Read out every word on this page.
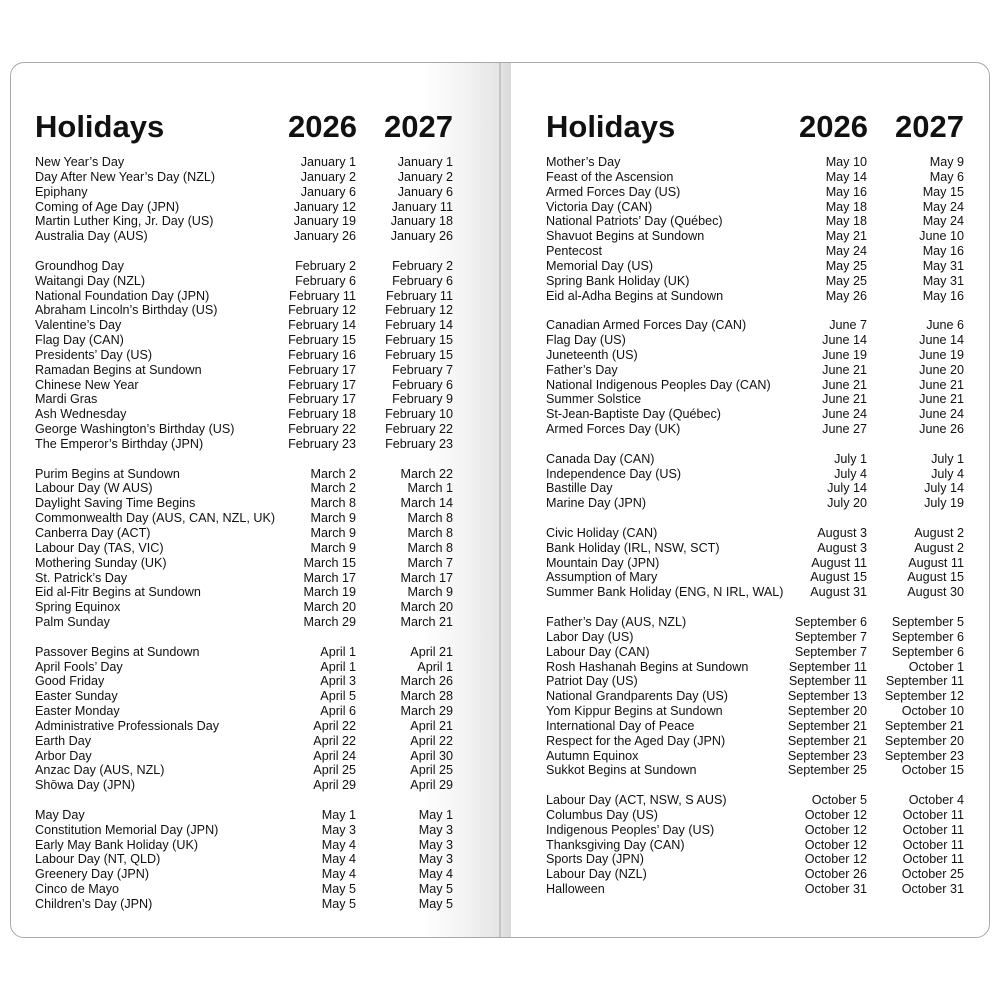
Holidays	2026 2027
New Year’s Day	January 1	January 1
Day After New Year’s Day (NZL)	January 2	January 2
Epiphany	January 6	January 6
Coming of Age Day (JPN)	January 12	January 11
Martin Luther King, Jr. Day (US)	January 19	January 18
Australia Day (AUS)	January 26	January 26
Groundhog Day	February 2	February 2
Waitangi Day (NZL)	February 6	February 6
National Foundation Day (JPN)	February 11 February 11
Abraham Lincoln’s Birthday (US)	February 12 February 12
Valentine’s Day	February 14 February 14
Flag Day (CAN)	February 15 February 15
Presidents’ Day (US)	February 16 February 15
Ramadan Begins at Sundown	February 17	February 7
Chinese New Year	February 17	February 6
Mardi Gras	February 17	February 9
Ash Wednesday	February 18 February 10
George Washington’s Birthday (US)	February 22 February 22
The Emperor’s Birthday (JPN)	February 23 February 23
Purim Begins at Sundown	March 2	March 22
Labour Day (W AUS)	March 2	March 1
Daylight Saving Time Begins	March 8	March 14
Commonwealth Day (AUS, CAN, NZL, UK)	March 9	March 8
Canberra Day (ACT)	March 9	March 8
Labour Day (TAS, VIC)	March 9	March 8
Mothering Sunday (UK)	March 15	March 7
St. Patrick’s Day	March 17	March 17
Eid al-Fitr Begins at Sundown	March 19	March 9
Spring Equinox	March 20	March 20
Palm Sunday	March 29	March 21
Passover Begins at Sundown	April 1	April 21
April Fools’ Day	April 1	April 1
Good Friday	April 3	March 26
Easter Sunday	April 5	March 28
Easter Monday	April 6	March 29
Administrative Professionals Day	April 22	April 21
Earth Day	April 22	April 22
Arbor Day	April 24	April 30
Anzac Day (AUS, NZL)	April 25	April 25
Shōwa Day (JPN)	April 29	April 29
May Day	May 1	May 1
Constitution Memorial Day (JPN)	May 3	May 3
Early May Bank Holiday (UK)	May 4	May 3
Labour Day (NT, QLD)	May 4	May 3
Greenery Day (JPN)	May 4	May 4
Cinco de Mayo	May 5	May 5
Children’s Day (JPN)	May 5	May 5
Holidays	2026 2027
Mother’s Day	May 10	May 9
Feast of the Ascension	May 14	May 6
Armed Forces Day (US)	May 16	May 15
Victoria Day (CAN)	May 18	May 24
National Patriots’ Day (Québec)	May 18	May 24
Shavuot Begins at Sundown	May 21	June 10
Pentecost	May 24	May 16
Memorial Day (US)	May 25	May 31
Spring Bank Holiday (UK)	May 25	May 31
Eid al-Adha Begins at Sundown	May 26	May 16
Canadian Armed Forces Day (CAN)	June 7	June 6
Flag Day (US)	June 14	June 14
Juneteenth (US)	June 19	June 19
Father’s Day	June 21	June 20
National Indigenous Peoples Day (CAN)	June 21	June 21
Summer Solstice	June 21	June 21
St-Jean-Baptiste Day (Québec)	June 24	June 24
Armed Forces Day (UK)	June 27	June 26
Canada Day (CAN)	July 1	July 1
Independence Day (US)	July 4	July 4
Bastille Day	July 14	July 14
Marine Day (JPN)	July 20	July 19
Civic Holiday (CAN)	August 3	August 2
Bank Holiday (IRL, NSW, SCT)	August 3	August 2
Mountain Day (JPN)	August 11	August 11
Assumption of Mary	August 15	August 15
Summer Bank Holiday (ENG, N IRL, WAL) August 31	August 30
Father’s Day (AUS, NZL)	September 6 September 5
Labor Day (US)	September 7 September 6
Labour Day (CAN)	September 7 September 6
Rosh Hashanah Begins at Sundown	September 11	October 1
Patriot Day (US)	September 11 September 11
National Grandparents Day (US)	September 13 September 12
Yom Kippur Begins at Sundown	September 20	October 10
International Day of Peace	September 21 September 21
Respect for the Aged Day (JPN)	September 21 September 20
Autumn Equinox	September 23 September 23
Sukkot Begins at Sundown	September 25	October 15
Labour Day (ACT, NSW, S AUS)	October 5	October 4
Columbus Day (US)	October 12	October 11
Indigenous Peoples’ Day (US)	October 12	October 11
Thanksgiving Day (CAN)	October 12	October 11
Sports Day (JPN)	October 12	October 11
Labour Day (NZL)	October 26	October 25
Halloween	October 31	October 31
